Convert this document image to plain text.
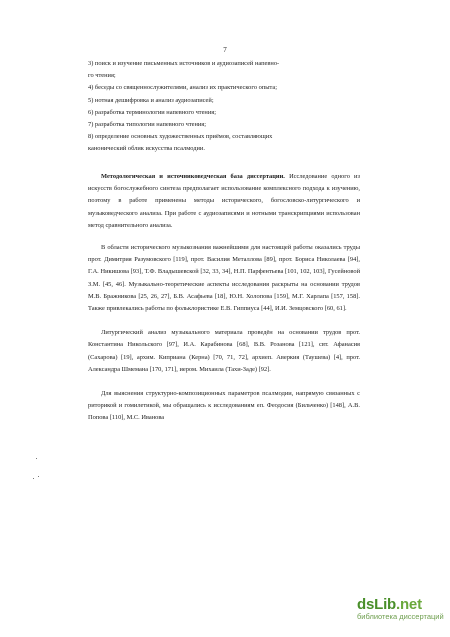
7

3) поиск и изучение письменных источников и аудиозаписей напевно-
го чтения;

4) беседы со священнослужителями, анализ их практического опыта;

5) нотная дешифровка и анализ аудиозаписей;

6) разработка терминологии напевного чтения;

7) разработка типологии напевного чтения;

8) определение основных художественных приёмов, составляющих
канонический облик искусства псалмодии.

Методологическая и источниковедческая база диссертации. Исследование одного из искусств богослужебного синтеза предполагает использование комплексного подхода к изучению, поэтому в работе применены методы исторического, богословско-литургического и музыковедческого анализа. При работе с аудиозаписями и нотными транскрипциями использован метод сравнительного анализа.

В области исторического музыкознания важнейшими для настоящей работы оказались труды прот. Димитрия Разумовского [119], прот. Василия Металлова [89], прот. Бориса Николаева [94], Г.А. Никишова [93], Т.Ф. Владышевской [32, 33, 34], Н.П. Парфентьева [101, 102, 103], Гусейновой З.М. [45, 46]. Музыкально-теоретические аспекты исследования раскрыты на основании трудов М.В. Бражникова [25, 26, 27], Б.В. Асафьева [18], Ю.Н. Холопова [159], М.Г. Харлапа [157, 158]. Также привлекались работы по фольклористике Е.В. Гиппиуса [44], И.И. Земцовского [60, 61].

Литургический анализ музыкального материала проведён на основании трудов прот. Константина Никольского [97], И.А. Карабинова [68], В.В. Розанова [121], свт. Афанасия (Сахарова) [19], архим. Киприана (Керна) [70, 71, 72], архиеп. Аверкия (Таушева) [4], прот. Александра Шмемана [170, 171], иером. Михаила (Тахи-Заде) [92].

Для выяснения структурно-композиционных параметров псалмодии, напрямую связанных с риторикой и гомилетикой, мы обращались к исследованиям еп. Феодосия (Бильченко) [148], А.В. Попова [110], М.С. Иванова

dsLib.net
библиотека диссертаций
